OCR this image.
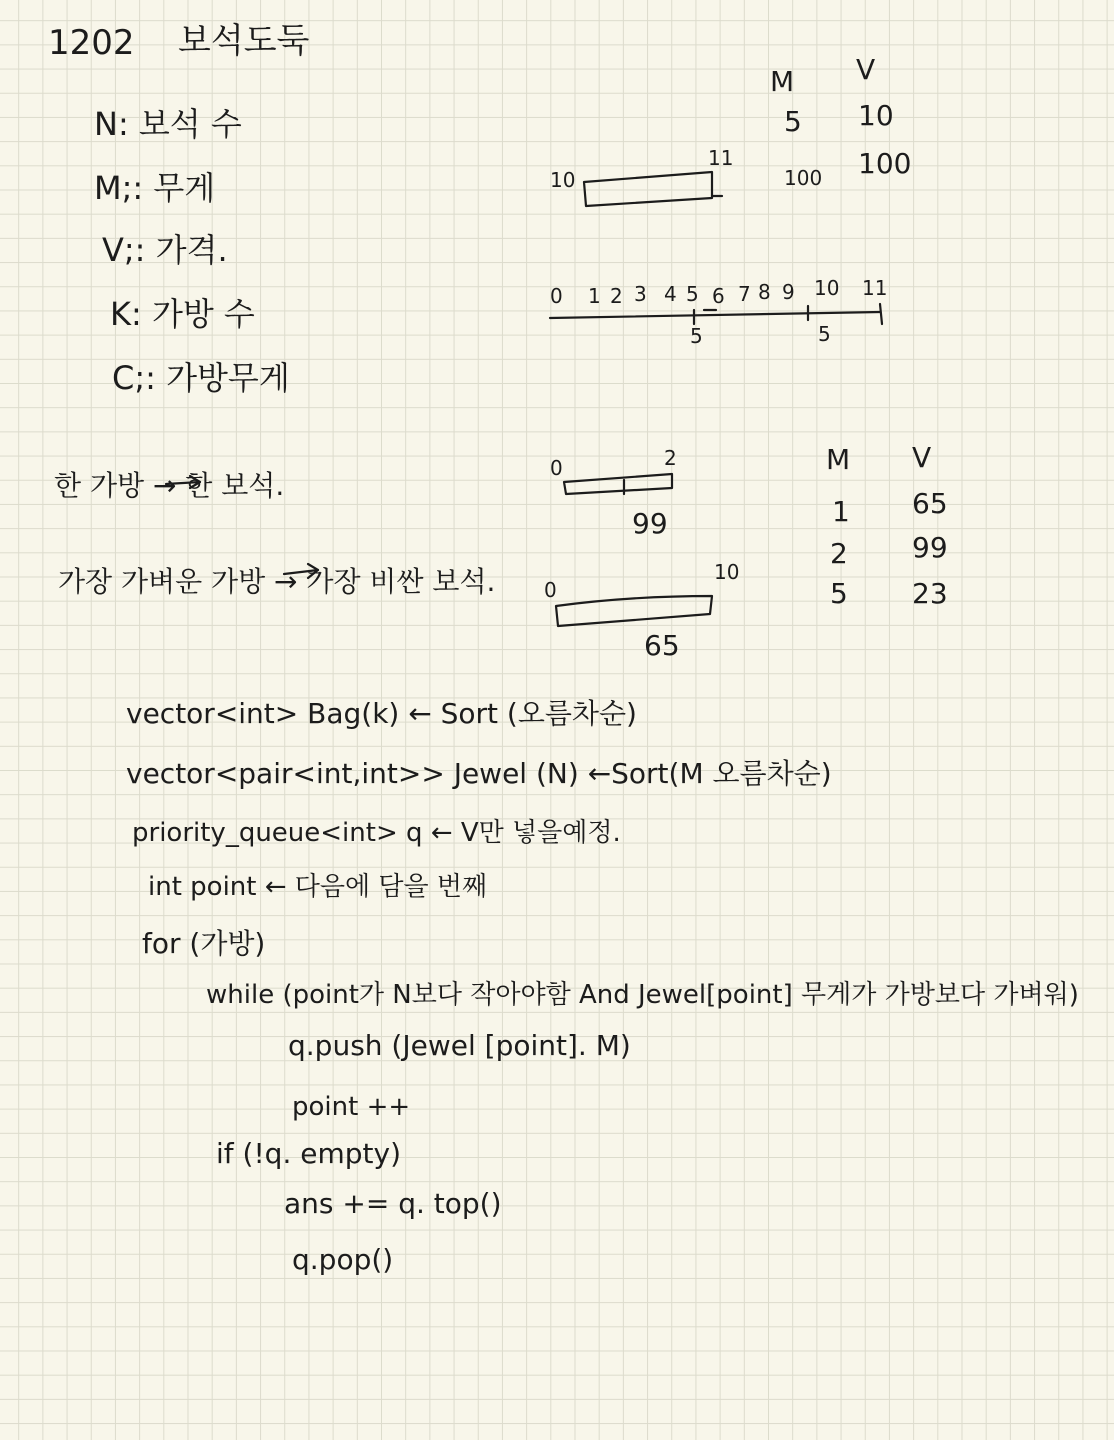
1202 보석도둑
N: 보석 수
M;: 무게
V;: 가격.
K: 가방 수
C;: 가방무게
한 가방 → 한 보석.
가장 가벼운 가방 → 가장 비싼 보석.
M V
5 10
100 100
10
11
0 1 2 3 4 5 6 7 8 9 10 11
5	5
M V
1 65
2 99
5 23
0	2
99
0
10
65
vector<int> Bag(k) ← Sort (오름차순)
vector<pair<int,int>> Jewel (N) ←Sort(M 오름차순)
priority_queue<int> q ← V만 넣을예정.
int point ← 다음에 담을 번째
for (가방)
while (point가 N보다 작아야함 And Jewel[point] 무게가 가방보다 가벼워)
q.push (Jewel [point]. M)
point ++
if (!q. empty)
ans += q. top()
q.pop()
